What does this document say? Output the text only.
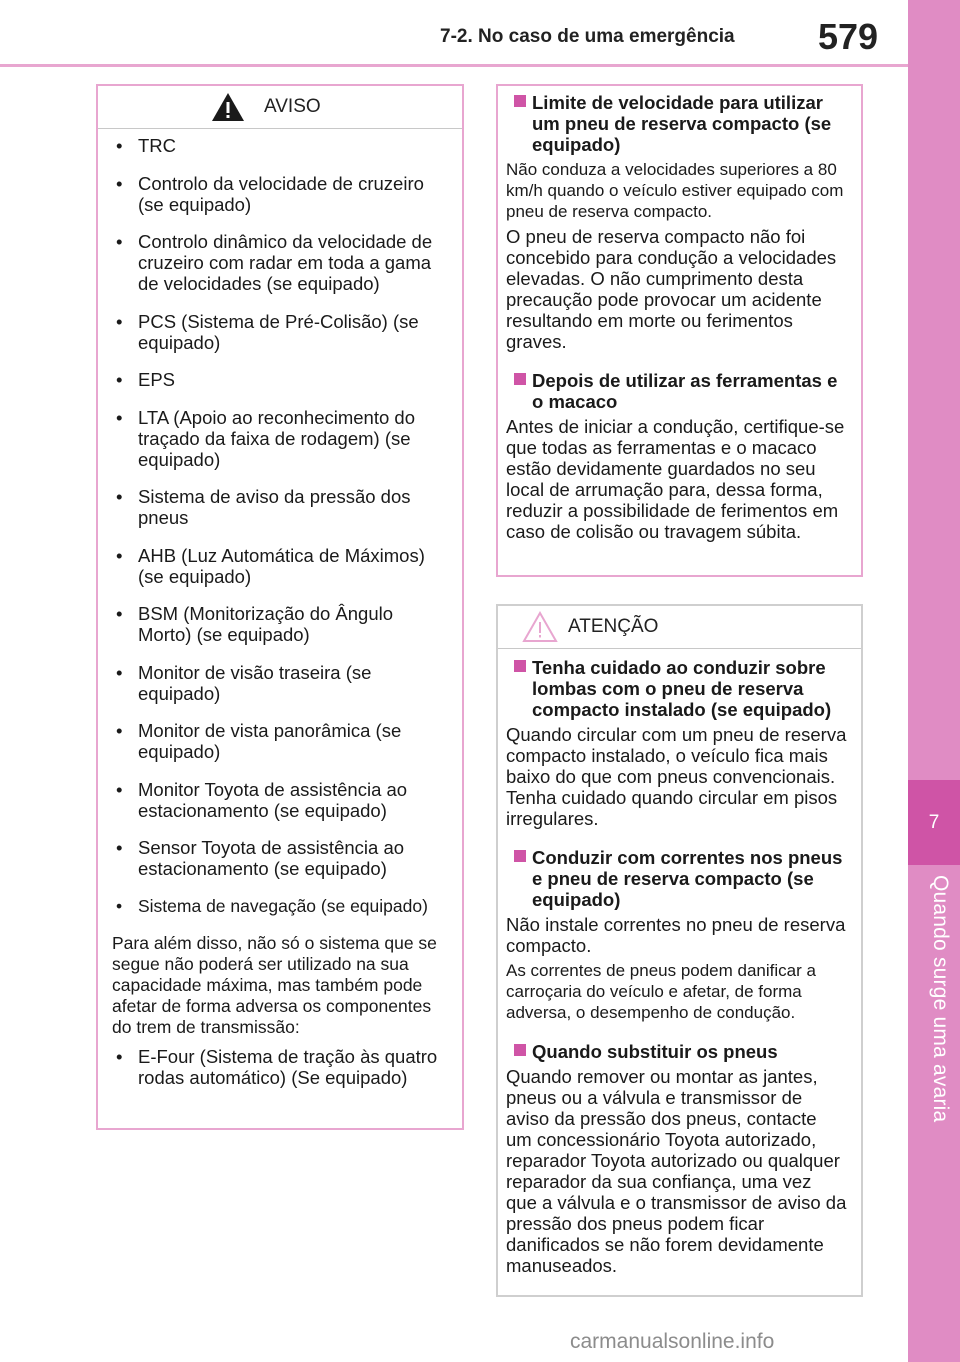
7-2. No caso de uma emergência	579
7
Quando surge uma avaria
AVISO
• TRC
• Controlo da velocidade de cruzeiro (se equipado)
• Controlo dinâmico da velocidade de cruzeiro com radar em toda a gama de velocidades (se equipado)
• PCS (Sistema de Pré-Colisão) (se equipado)
• EPS
• LTA (Apoio ao reconhecimento do traçado da faixa de rodagem) (se equipado)
• Sistema de aviso da pressão dos pneus
• AHB (Luz Automática de Máximos) (se equipado)
• BSM (Monitorização do Ângulo Morto) (se equipado)
• Monitor de visão traseira (se equipado)
• Monitor de vista panorâmica (se equipado)
• Monitor Toyota de assistência ao estacionamento (se equipado)
• Sensor Toyota de assistência ao estacionamento (se equipado)
• Sistema de navegação (se equipado)

Para além disso, não só o sistema que se segue não poderá ser utilizado na sua capacidade máxima, mas também pode afetar de forma adversa os componentes do trem de transmissão:

• E-Four (Sistema de tração às quatro rodas automático) (Se equipado)
Limite de velocidade para utilizar um pneu de reserva compacto (se equipado)

Não conduza a velocidades superiores a 80 km/h quando o veículo estiver equipado com pneu de reserva compacto.

O pneu de reserva compacto não foi concebido para condução a velocidades elevadas. O não cumprimento desta precaução pode provocar um acidente resultando em morte ou ferimentos graves.

Depois de utilizar as ferramentas e o macaco

Antes de iniciar a condução, certifique-se que todas as ferramentas e o macaco estão devidamente guardados no seu local de arrumação para, dessa forma, reduzir a possibilidade de ferimentos em caso de colisão ou travagem súbita.

ATENÇÃO
Tenha cuidado ao conduzir sobre lombas com o pneu de reserva compacto instalado (se equipado)

Quando circular com um pneu de reserva compacto instalado, o veículo fica mais baixo do que com pneus convencionais. Tenha cuidado quando circular em pisos irregulares.

Conduzir com correntes nos pneus e pneu de reserva compacto (se equipado)

Não instale correntes no pneu de reserva compacto.

As correntes de pneus podem danificar a carroçaria do veículo e afetar, de forma adversa, o desempenho de condução.

Quando substituir os pneus

Quando remover ou montar as jantes, pneus ou a válvula e transmissor de aviso da pressão dos pneus, contacte um concessionário Toyota autorizado, reparador Toyota autorizado ou qualquer reparador da sua confiança, uma vez que a válvula e o transmissor de aviso da pressão dos pneus podem ficar danificados se não forem devidamente manuseados.

carmanualsonline.info
